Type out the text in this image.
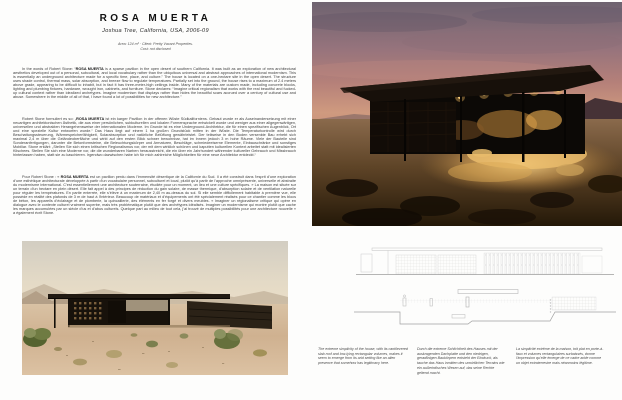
ROSA MUERTA
Joshua Tree, California, USA, 2006-09
Area: 124 m² · Client: Pretty Vacant Properties.
Cost: not disclosed
In the words of Robert Stone: “ROSA MUERTA is a sparse pavilion in the open desert of southern California. It was built as an exploration of new architectural aesthetics developed out of a personal, subcultural, and local vocabulary rather than the ubiquitous universal and abstract approaches of international modernism. This is essentially an underground architecture made for a specific time, place, and culture.” The house is located on a one-hectare site in the open desert. The structure uses shade control, thermal mass, solar absorption, and breeze flow to regulate temperatures. Partially set into the ground, the house rises to a maximum of 2.4 meters above grade, appearing to be difficult to inhabit, but in fact it has three-meter-high ceilings inside. Many of the materials are custom made, including concrete blocks, lighting and plumbing fixtures, hardware, wrought iron, cabinets, and furniture. Stone declares: “Imagine critical regionalism that works with the real beautiful and fucked-up cultural context rather than idealized archetypes. Imagine modernism that displays rather than hides the beautiful scars accrued over a century of cultural use and abuse. Somewhere in the middle of all of that, I have found a lot of possibilities for new architecture.”
Robert Stone formuliert es so: „ROSA MUERTA ist ein karger Pavillon in der offenen Wüste Südkaliforniens. Gebaut wurde er als Auseinandersetzung mit einer neuartigen architektonischen Ästhetik, die aus einer persönlichen, subkulturellen und lokalen Formensprache entwickelt wurde und weniger aus einer allgegenwärtigen, universellen und abstrakten Herangehensweise der internationalen Moderne. Im Grunde ist es eine Underground-Architektur, die für einen spezifischen Augenblick, Ort und eine spezielle Kultur entworfen wurde.“ Das Haus liegt auf einem 1 ha großen Grundstück mitten in der Wüste. Die Temperaturkontrolle wird durch Beschattungssteuerung, Wärmespeicherfähigkeit, Solarabsorption und natürliche Belüftung gewährleistet. Der teilweise in den Boden versenkte Bau erhebt sich maximal 2,4 m über die Geländeoberfläche und wirkt auf den ersten Blick schwer bewohnbar, hat im Innern jedoch 3 m hohe Räume. Viele der Bauteile sind Sonderanfertigungen, darunter die Betonformsteine, die Beleuchtungskörper und Armaturen, Beschläge, schmiedeeiserne Elemente, Einbauschränke und sonstiges Mobiliar. Stone erklärt: „Stellen Sie sich einen kritischen Regionalismus vor, der mit dem wirklich schönen und kaputten kulturellen Kontext arbeitet statt mit idealisierten Klischees. Stellen Sie sich eine Moderne vor, die die wunderbaren Narben herausstreicht, die ein über ein Jahrhundert währender kultureller Gebrauch und Missbrauch hinterlassen haben, statt sie zu kaschieren. Irgendwo dazwischen habe ich für mich zahlreiche Möglichkeiten für eine neue Architektur entdeckt.“
Pour Robert Stone : « ROSA MUERTA est un pavillon perdu dans l’immensité désertique de la Californie du Sud. Il a été construit dans l’esprit d’une exploration d’une esthétique architecturale développée à partir d’un vocabulaire personnel, subculturel et local, plutôt qu’à partir de l’approche omniprésente, universelle et abstraite du modernisme international. C’est essentiellement une architecture souterraine, étudiée pour un moment, un lieu et une culture spécifiques. » La maison est située sur un terrain d’un hectare en plein désert. Elle fait appel à des principes de réduction du gain solaire, de masse thermique, d’absorption solaire et de ventilation naturelle pour réguler les températures. En partie enterrée, elle s’élève à un maximum de 2,40 m au-dessus du sol. Si elle semble difficilement habitable à première vue, elle possède en réalité des plafonds de 3 m de haut à l’intérieur. Beaucoup de matériaux et d’équipements ont été spécialement réalisés pour ce chantier comme les blocs de béton, les appareils d’éclairage et de plomberie, la quincaillerie, des éléments en fer forgé et divers meubles. « Imaginer un régionalisme critique qui opère en dialogue avec le contexte culturel vraiment superbe, mais très problématique plutôt que des archétypes idéalisés. Imaginer un modernisme qui montre plutôt que cache les marques accumulées par un siècle d’us et d’abus culturels. Quelque part au milieu de tout cela, j’ai trouvé de multiples possibilités pour une architecture nouvelle » a également écrit Stone.
The extreme simplicity of the house, with its cantilevered slab roof and low-lying rectangular volumes, makes it seem to emerge from its arid setting like an alien presence that somehow has legitimacy here.
Durch die extreme Schlichtheit des Hauses mit der auskragenden Dachplatte und den niedrigen, geradlinigen Baukörpern entsteht der Eindruck, als tauche das Haus inmitten des unwirtlichen Terrains wie ein außerirdisches Wesen auf, das seine Rechte geltend macht.
La simplicité extrême de la maison, toit plat en porte-à-faux et volumes rectangulaires surbaissés, donne l’impression qu’elle émerge de ce cadre aride comme un objet extraterrestre mais néanmoins légitime.
